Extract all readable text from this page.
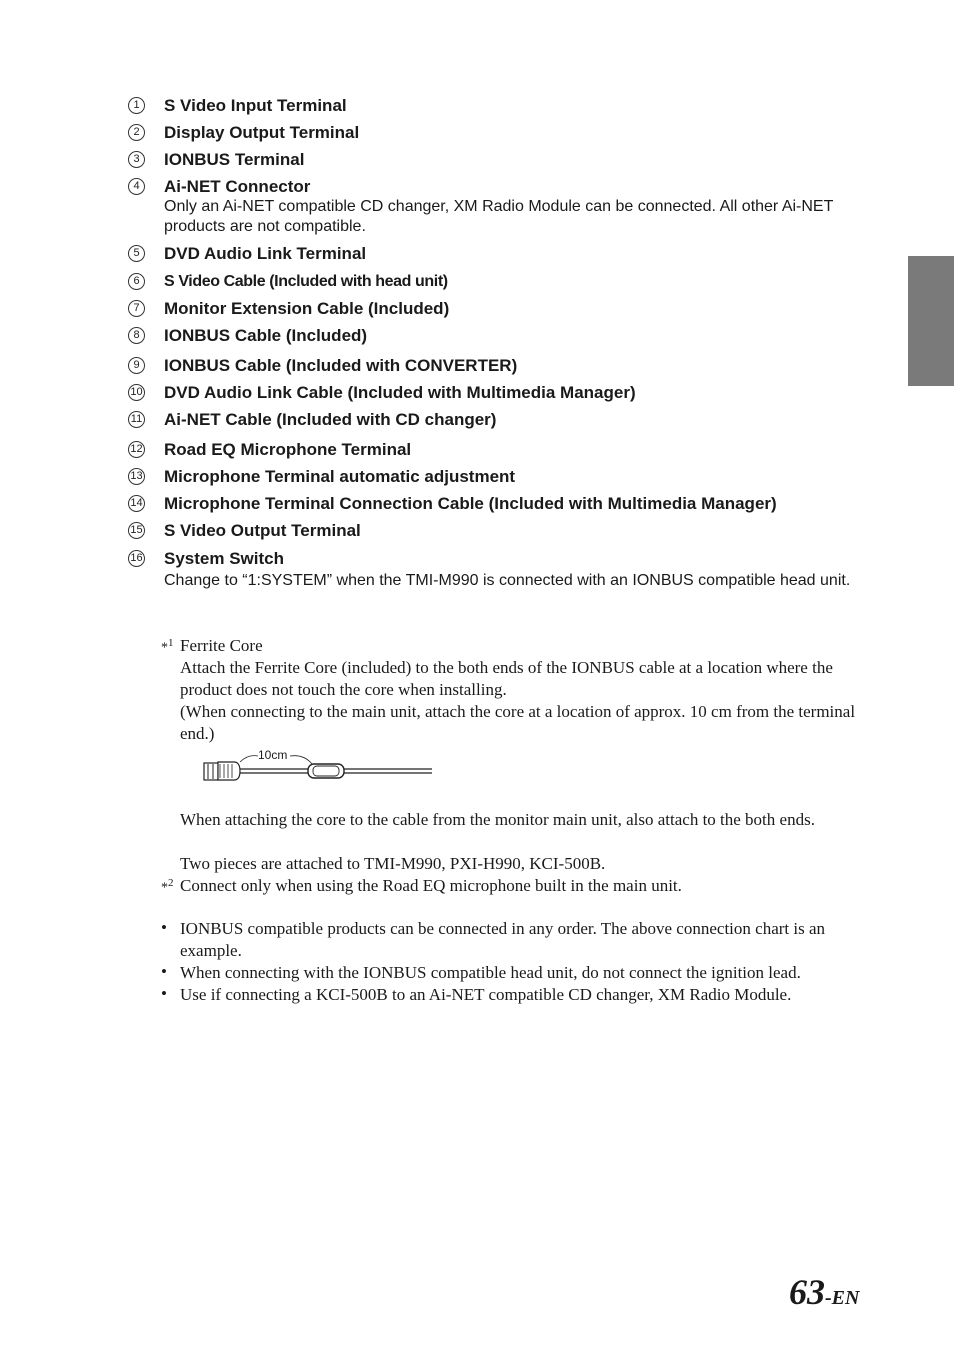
1	S Video Input Terminal
2	Display Output Terminal
3	IONBUS Terminal
4	Ai-NET Connector
Only an Ai-NET compatible CD changer, XM Radio Module can be connected. All other Ai-NET products are not compatible.
5	DVD Audio Link Terminal
6	S Video Cable (Included with head unit)
7	Monitor Extension Cable (Included)
8	IONBUS Cable (Included)
9	IONBUS Cable (Included with CONVERTER)
10 DVD Audio Link Cable (Included with Multimedia Manager)
11 Ai-NET Cable (Included with CD changer)
12 Road EQ Microphone Terminal
13 Microphone Terminal automatic adjustment
14 Microphone Terminal Connection Cable (Included with Multimedia Manager)
15 S Video Output Terminal
16 System Switch
Change to “1:SYSTEM” when the TMI-M990 is connected with an IONBUS compatible head unit.
*$^1$ Ferrite Core
Attach the Ferrite Core (included) to the both ends of the IONBUS cable at a location where the product does not touch the core when installing.
(When connecting to the main unit, attach the core at a location of approx. 10 cm from the terminal end.)
10cm
When attaching the core to the cable from the monitor main unit, also attach to the both ends.
Two pieces are attached to TMI-M990, PXI-H990, KCI-500B.
*$^2$ Connect only when using the Road EQ microphone built in the main unit.
• IONBUS compatible products can be connected in any order. The above connection chart is an example.
• When connecting with the IONBUS compatible head unit, do not connect the ignition lead.
• Use if connecting a KCI-500B to an Ai-NET compatible CD changer, XM Radio Module.
63-EN
